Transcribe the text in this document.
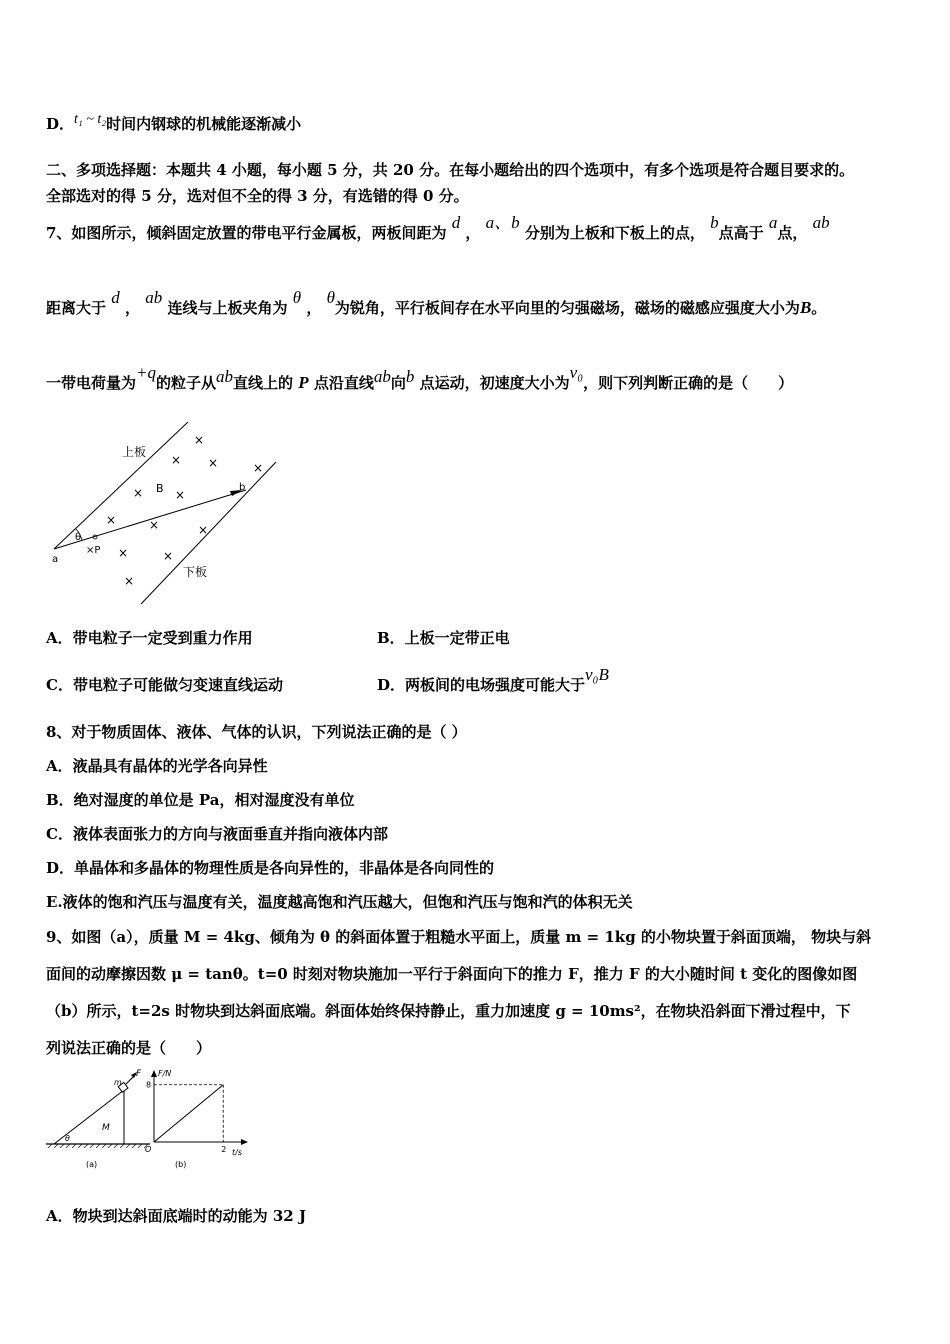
D．t₁ ~ t₂时间内钢球的机械能逐渐减小
二、多项选择题：本题共 4 小题，每小题 5 分，共 20 分。在每小题给出的四个选项中，有多个选项是符合题目要求的。
全部选对的得 5 分，选对但不全的得 3 分，有选错的得 0 分。
7、如图所示，倾斜固定放置的带电平行金属板，两板间距为 d ， a、b 分别为上板和下板上的点， b点高于 a点， ab
距离大于 d ， ab 连线与上板夹角为 θ ， θ为锐角，平行板间存在水平向里的匀强磁场，磁场的磁感应强度大小为B。
一带电荷量为+q的粒子从ab直线上的 P 点沿直线ab向b 点运动，初速度大小为v₀，则下列判断正确的是（　　）
上板
下板
B
a
b
×P
θ
×
× ×	×
×	×
×	×	×
×	×
×
A．带电粒子一定受到重力作用	B．上板一定带正电
C．带电粒子可能做匀变速直线运动	D．两板间的电场强度可能大于v₀B
8、对于物质固体、液体、气体的认识，下列说法正确的是（ ）
A．液晶具有晶体的光学各向异性
B．绝对湿度的单位是 Pa，相对湿度没有单位
C．液体表面张力的方向与液面垂直并指向液体内部
D．单晶体和多晶体的物理性质是各向异性的，非晶体是各向同性的
E.液体的饱和汽压与温度有关，温度越高饱和汽压越大，但饱和汽压与饱和汽的体积无关
9、如图（a），质量 M = 4kg、倾角为 θ 的斜面体置于粗糙水平面上，质量 m = 1kg 的小物块置于斜面顶端， 物块与斜
面间的动摩擦因数 μ = tanθ。t=0 时刻对物块施加一平行于斜面向下的推力 F，推力 F 的大小随时间 t 变化的图像如图
（b）所示，t=2s 时物块到达斜面底端。斜面体始终保持静止，重力加速度 g = 10ms²，在物块沿斜面下滑过程中，下
列说法正确的是（　　）
F
m
M
θ
(a)
F/N
t/s
O
8
2
(b)
A．物块到达斜面底端时的动能为 32 J
